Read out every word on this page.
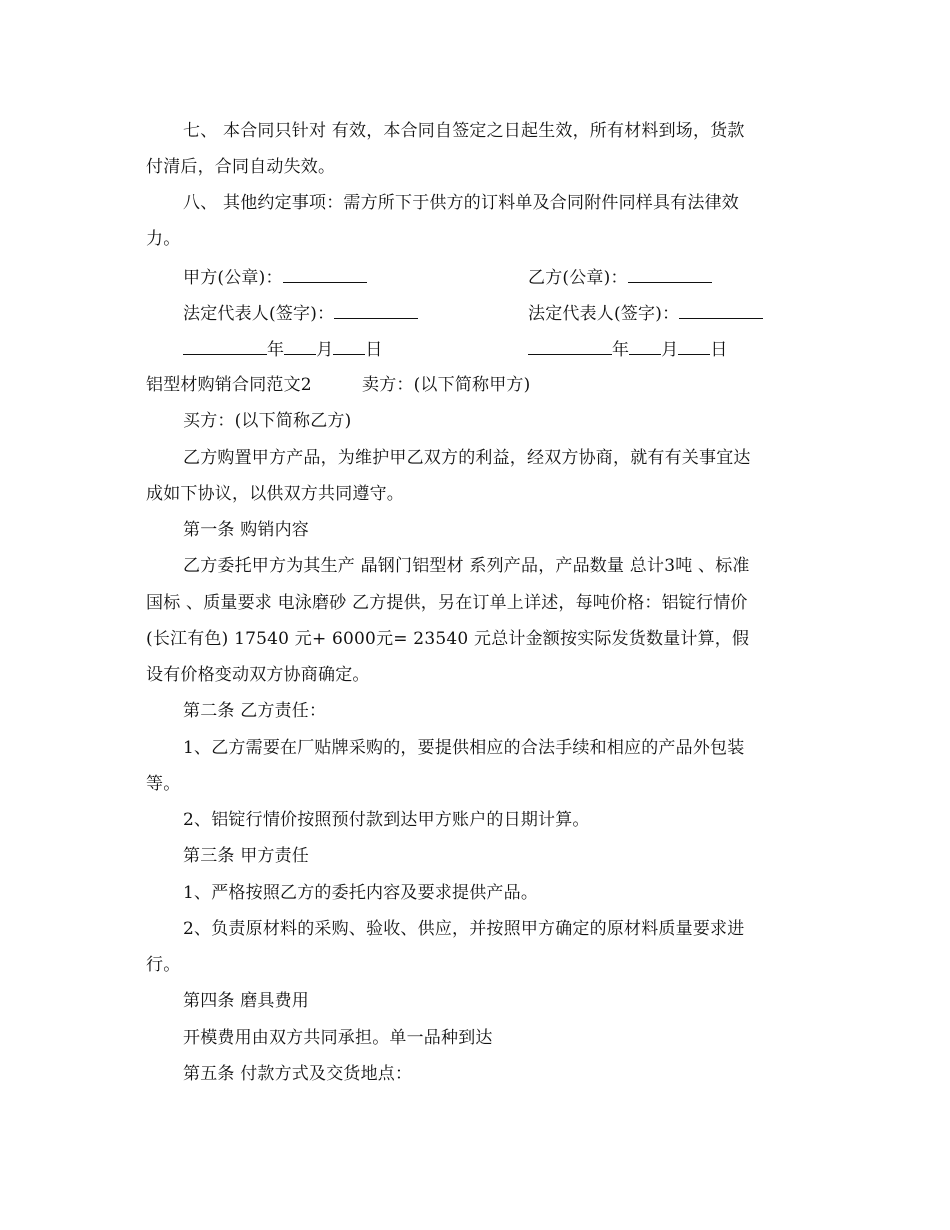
七、 本合同只针对 有效，本合同自签定之日起生效，所有材料到场，货款
付清后，合同自动失效。
八、 其他约定事项：需方所下于供方的订料单及合同附件同样具有法律效
力。
甲方(公章)：	乙方(公章)：
法定代表人(签字)：	法定代表人(签字)：
年 月 日	年 月 日
铝型材购销合同范文2	卖方：(以下简称甲方)
买方：(以下简称乙方)
乙方购置甲方产品，为维护甲乙双方的利益，经双方协商，就有有关事宜达
成如下协议，以供双方共同遵守。
第一条 购销内容
乙方委托甲方为其生产 晶钢门铝型材 系列产品，产品数量 总计3吨 、标准
国标 、质量要求 电泳磨砂 乙方提供，另在订单上详述，每吨价格：铝锭行情价
(长江有色) 17540 元+ 6000元= 23540 元总计金额按实际发货数量计算，假
设有价格变动双方协商确定。
第二条 乙方责任：
1、乙方需要在厂贴牌采购的，要提供相应的合法手续和相应的产品外包装
等。
2、铝锭行情价按照预付款到达甲方账户的日期计算。
第三条 甲方责任
1、严格按照乙方的委托内容及要求提供产品。
2、负责原材料的采购、验收、供应，并按照甲方确定的原材料质量要求进
行。
第四条 磨具费用
开模费用由双方共同承担。单一品种到达
第五条 付款方式及交货地点：
